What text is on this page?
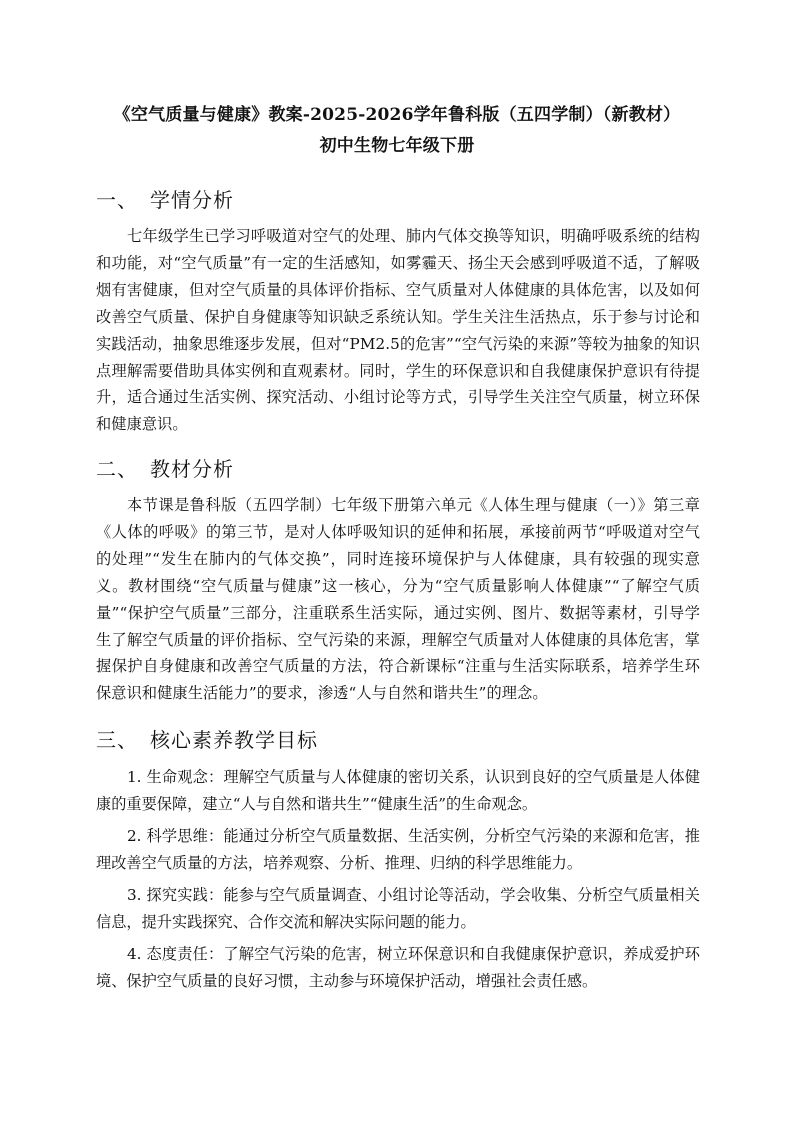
《空气质量与健康》教案-2025-2026学年鲁科版（五四学制）（新教材）
初中生物七年级下册
一、 学情分析
七年级学生已学习呼吸道对空气的处理、肺内气体交换等知识，明确呼吸系统的结构和功能，对“空气质量”有一定的生活感知，如雾霾天、扬尘天会感到呼吸道不适，了解吸烟有害健康，但对空气质量的具体评价指标、空气质量对人体健康的具体危害，以及如何改善空气质量、保护自身健康等知识缺乏系统认知。学生关注生活热点，乐于参与讨论和实践活动，抽象思维逐步发展，但对“PM2.5的危害”“空气污染的来源”等较为抽象的知识点理解需要借助具体实例和直观素材。同时，学生的环保意识和自我健康保护意识有待提升，适合通过生活实例、探究活动、小组讨论等方式，引导学生关注空气质量，树立环保和健康意识。
二、 教材分析
本节课是鲁科版（五四学制）七年级下册第六单元《人体生理与健康（一）》第三章《人体的呼吸》的第三节，是对人体呼吸知识的延伸和拓展，承接前两节“呼吸道对空气的处理”“发生在肺内的气体交换”，同时连接环境保护与人体健康，具有较强的现实意义。教材围绕“空气质量与健康”这一核心，分为“空气质量影响人体健康”“了解空气质量”“保护空气质量”三部分，注重联系生活实际，通过实例、图片、数据等素材，引导学生了解空气质量的评价指标、空气污染的来源，理解空气质量对人体健康的具体危害，掌握保护自身健康和改善空气质量的方法，符合新课标“注重与生活实际联系，培养学生环保意识和健康生活能力”的要求，渗透“人与自然和谐共生”的理念。
三、 核心素养教学目标
1. 生命观念：理解空气质量与人体健康的密切关系，认识到良好的空气质量是人体健康的重要保障，建立“人与自然和谐共生”“健康生活”的生命观念。
2. 科学思维：能通过分析空气质量数据、生活实例，分析空气污染的来源和危害，推理改善空气质量的方法，培养观察、分析、推理、归纳的科学思维能力。
3. 探究实践：能参与空气质量调查、小组讨论等活动，学会收集、分析空气质量相关信息，提升实践探究、合作交流和解决实际问题的能力。
4. 态度责任：了解空气污染的危害，树立环保意识和自我健康保护意识，养成爱护环境、保护空气质量的良好习惯，主动参与环境保护活动，增强社会责任感。
